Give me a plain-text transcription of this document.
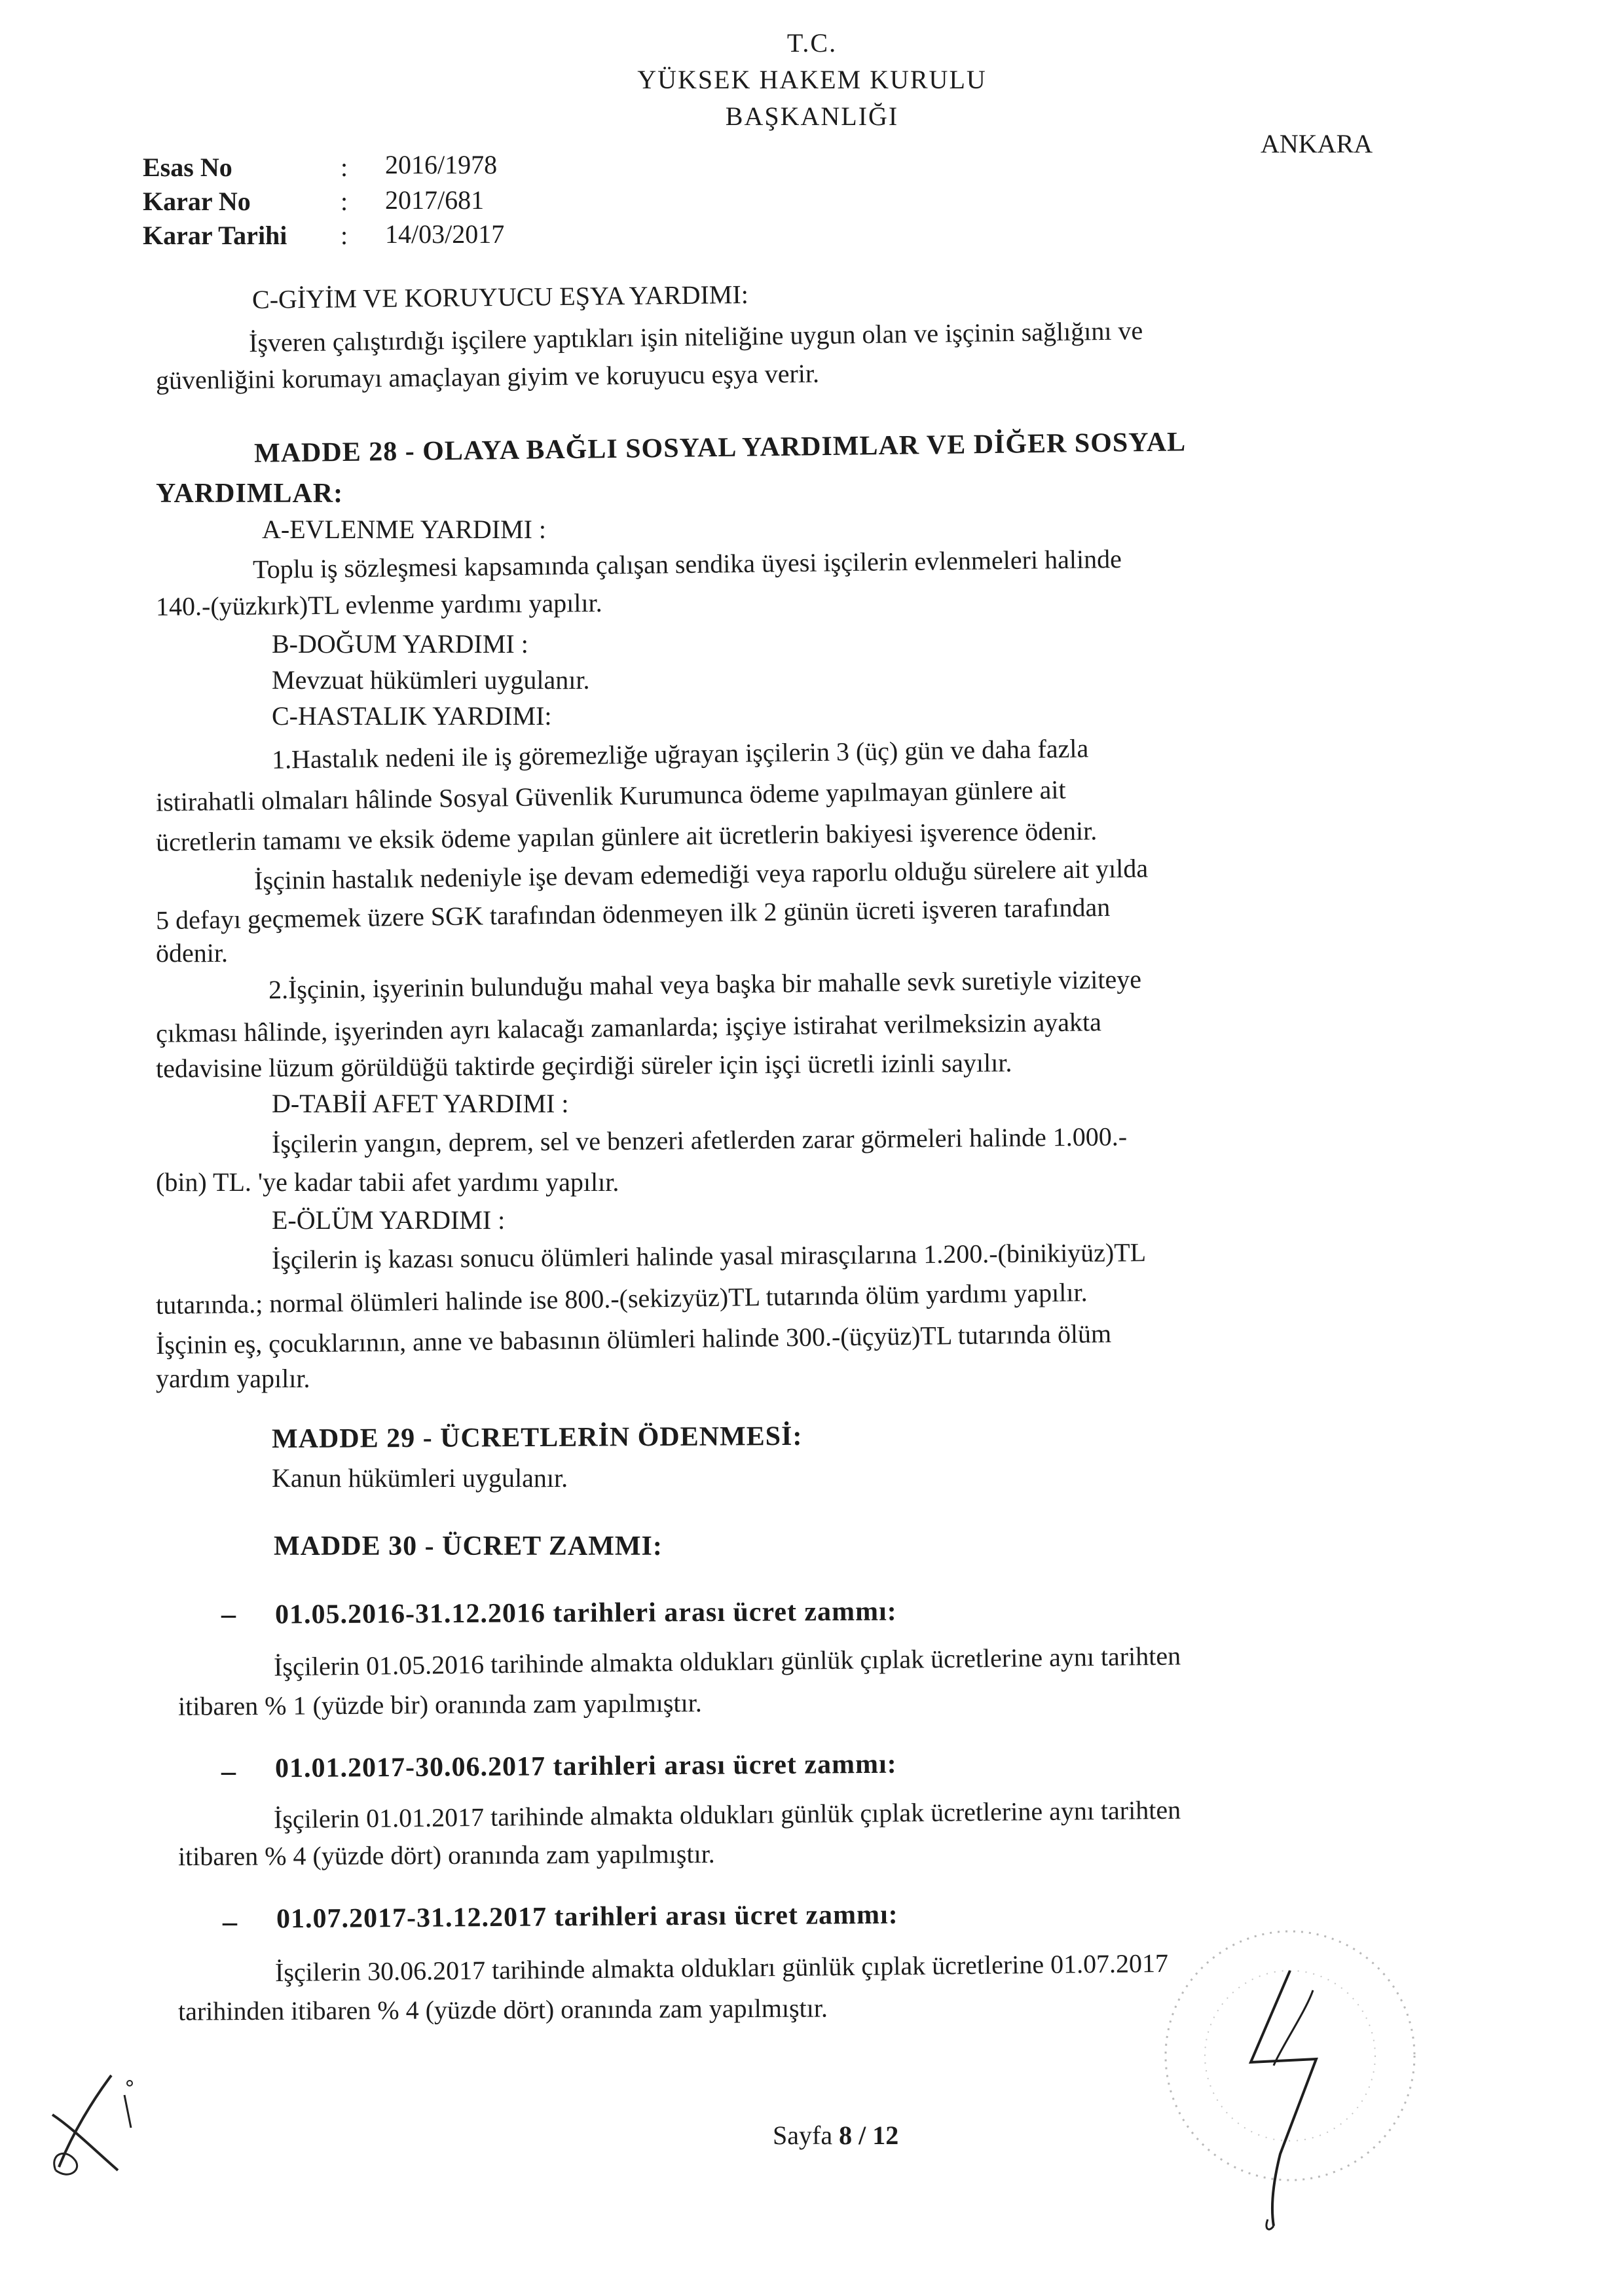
T.C.
YÜKSEK HAKEM KURULU
BAŞKANLIĞI
ANKARA
Esas No	: 2016/1978
Karar No	: 2017/681
Karar Tarihi : 14/03/2017
C-GİYİM VE KORUYUCU EŞYA YARDIMI:
İşveren çalıştırdığı işçilere yaptıkları işin niteliğine uygun olan ve işçinin sağlığını ve
güvenliğini korumayı amaçlayan giyim ve koruyucu eşya verir.
MADDE 28 - OLAYA BAĞLI SOSYAL YARDIMLAR VE DİĞER SOSYAL
YARDIMLAR:
A-EVLENME YARDIMI :
Toplu iş sözleşmesi kapsamında çalışan sendika üyesi işçilerin evlenmeleri halinde
140.-(yüzkırk)TL evlenme yardımı yapılır.
B-DOĞUM YARDIMI :
Mevzuat hükümleri uygulanır.
C-HASTALIK YARDIMI:
1.Hastalık nedeni ile iş göremezliğe uğrayan işçilerin 3 (üç) gün ve daha fazla
istirahatli olmaları hâlinde Sosyal Güvenlik Kurumunca ödeme yapılmayan günlere ait
ücretlerin tamamı ve eksik ödeme yapılan günlere ait ücretlerin bakiyesi işverence ödenir.
İşçinin hastalık nedeniyle işe devam edemediği veya raporlu olduğu sürelere ait yılda
5 defayı geçmemek üzere SGK tarafından ödenmeyen ilk 2 günün ücreti işveren tarafından
ödenir.
2.İşçinin, işyerinin bulunduğu mahal veya başka bir mahalle sevk suretiyle viziteye
çıkması hâlinde, işyerinden ayrı kalacağı zamanlarda; işçiye istirahat verilmeksizin ayakta
tedavisine lüzum görüldüğü taktirde geçirdiği süreler için işçi ücretli izinli sayılır.
D-TABİİ AFET YARDIMI :
İşçilerin yangın, deprem, sel ve benzeri afetlerden zarar görmeleri halinde 1.000.-
(bin) TL. 'ye kadar tabii afet yardımı yapılır.
E-ÖLÜM YARDIMI :
İşçilerin iş kazası sonucu ölümleri halinde yasal mirasçılarına 1.200.-(binikiyüz)TL
tutarında.; normal ölümleri halinde ise 800.-(sekizyüz)TL tutarında ölüm yardımı yapılır.
İşçinin eş, çocuklarının, anne ve babasının ölümleri halinde 300.-(üçyüz)TL tutarında ölüm
yardım yapılır.
MADDE 29 - ÜCRETLERİN ÖDENMESİ:
Kanun hükümleri uygulanır.
MADDE 30 - ÜCRET ZAMMI:
– 01.05.2016-31.12.2016 tarihleri arası ücret zammı:
İşçilerin 01.05.2016 tarihinde almakta oldukları günlük çıplak ücretlerine aynı tarihten
itibaren % 1 (yüzde bir) oranında zam yapılmıştır.
– 01.01.2017-30.06.2017 tarihleri arası ücret zammı:
İşçilerin 01.01.2017 tarihinde almakta oldukları günlük çıplak ücretlerine aynı tarihten
itibaren % 4 (yüzde dört) oranında zam yapılmıştır.
– 01.07.2017-31.12.2017 tarihleri arası ücret zammı:
İşçilerin 30.06.2017 tarihinde almakta oldukları günlük çıplak ücretlerine 01.07.2017
tarihinden itibaren % 4 (yüzde dört) oranında zam yapılmıştır.
Sayfa 8 / 12
